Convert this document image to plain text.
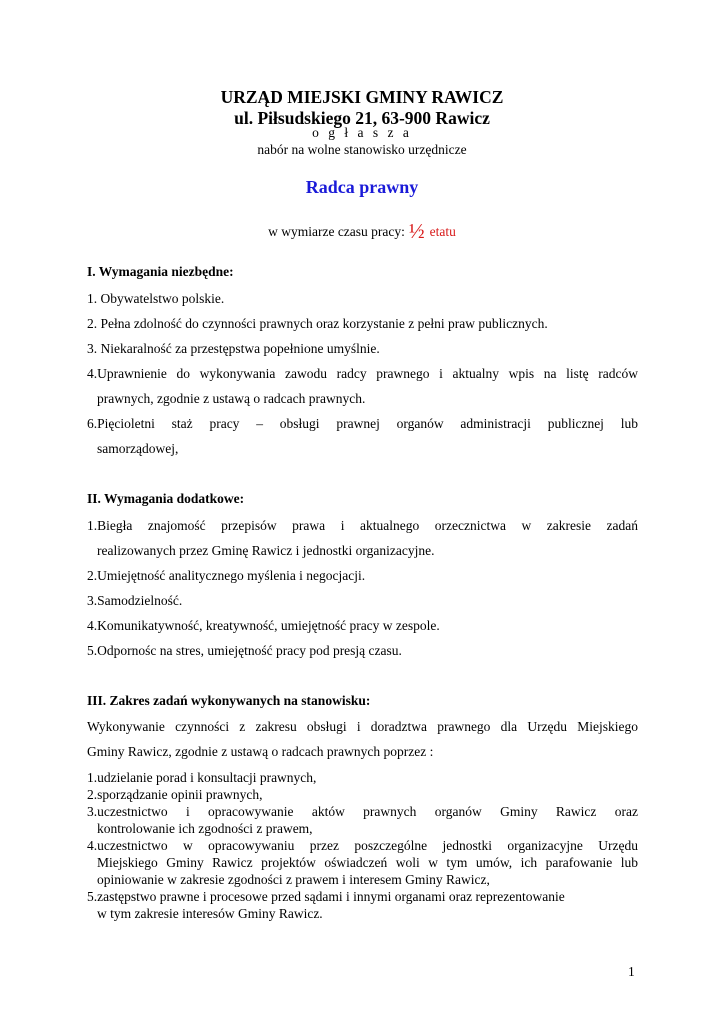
URZĄD MIEJSKI GMINY RAWICZ

ul. Piłsudskiego 21, 63-900 Rawicz

o g ł a s z a

nabór na wolne stanowisko urzędnicze

Radca prawny

w wymiarze czasu pracy: ½ etatu

I. Wymagania niezbędne:

1. Obywatelstwo polskie.

2. Pełna zdolność do czynności prawnych oraz korzystanie z pełni praw publicznych.

3. Niekaralność za przestępstwa popełnione umyślnie.

4.Uprawnienie do wykonywania zawodu radcy prawnego i aktualny wpis na listę radców

prawnych, zgodnie z ustawą o radcach prawnych.

6.Pięcioletni staż pracy – obsługi prawnej organów administracji publicznej lub

samorządowej,

II. Wymagania dodatkowe:

1.Biegła znajomość przepisów prawa i aktualnego orzecznictwa w zakresie zadań

realizowanych przez Gminę Rawicz i jednostki organizacyjne.

2.Umiejętność analitycznego myślenia i negocjacji.

3.Samodzielność.

4.Komunikatywność, kreatywność, umiejętność pracy w zespole.

5.Odpornośc na stres, umiejętność pracy pod presją czasu.

III. Zakres zadań wykonywanych na stanowisku:

Wykonywanie czynności z zakresu obsługi i doradztwa prawnego dla Urzędu Miejskiego

Gminy Rawicz, zgodnie z ustawą o radcach prawnych poprzez :

1.udzielanie porad i konsultacji prawnych,

2.sporządzanie opinii prawnych,

3.uczestnictwo i opracowywanie aktów prawnych organów Gminy Rawicz oraz

kontrolowanie ich zgodności z prawem,

4.uczestnictwo w opracowywaniu przez poszczególne jednostki organizacyjne Urzędu

Miejskiego Gminy Rawicz projektów oświadczeń woli w tym umów, ich parafowanie lub

opiniowanie w zakresie zgodności z prawem i interesem Gminy Rawicz,

5.zastępstwo prawne i procesowe przed sądami i innymi organami oraz reprezentowanie

w tym zakresie interesów Gminy Rawicz.

1
